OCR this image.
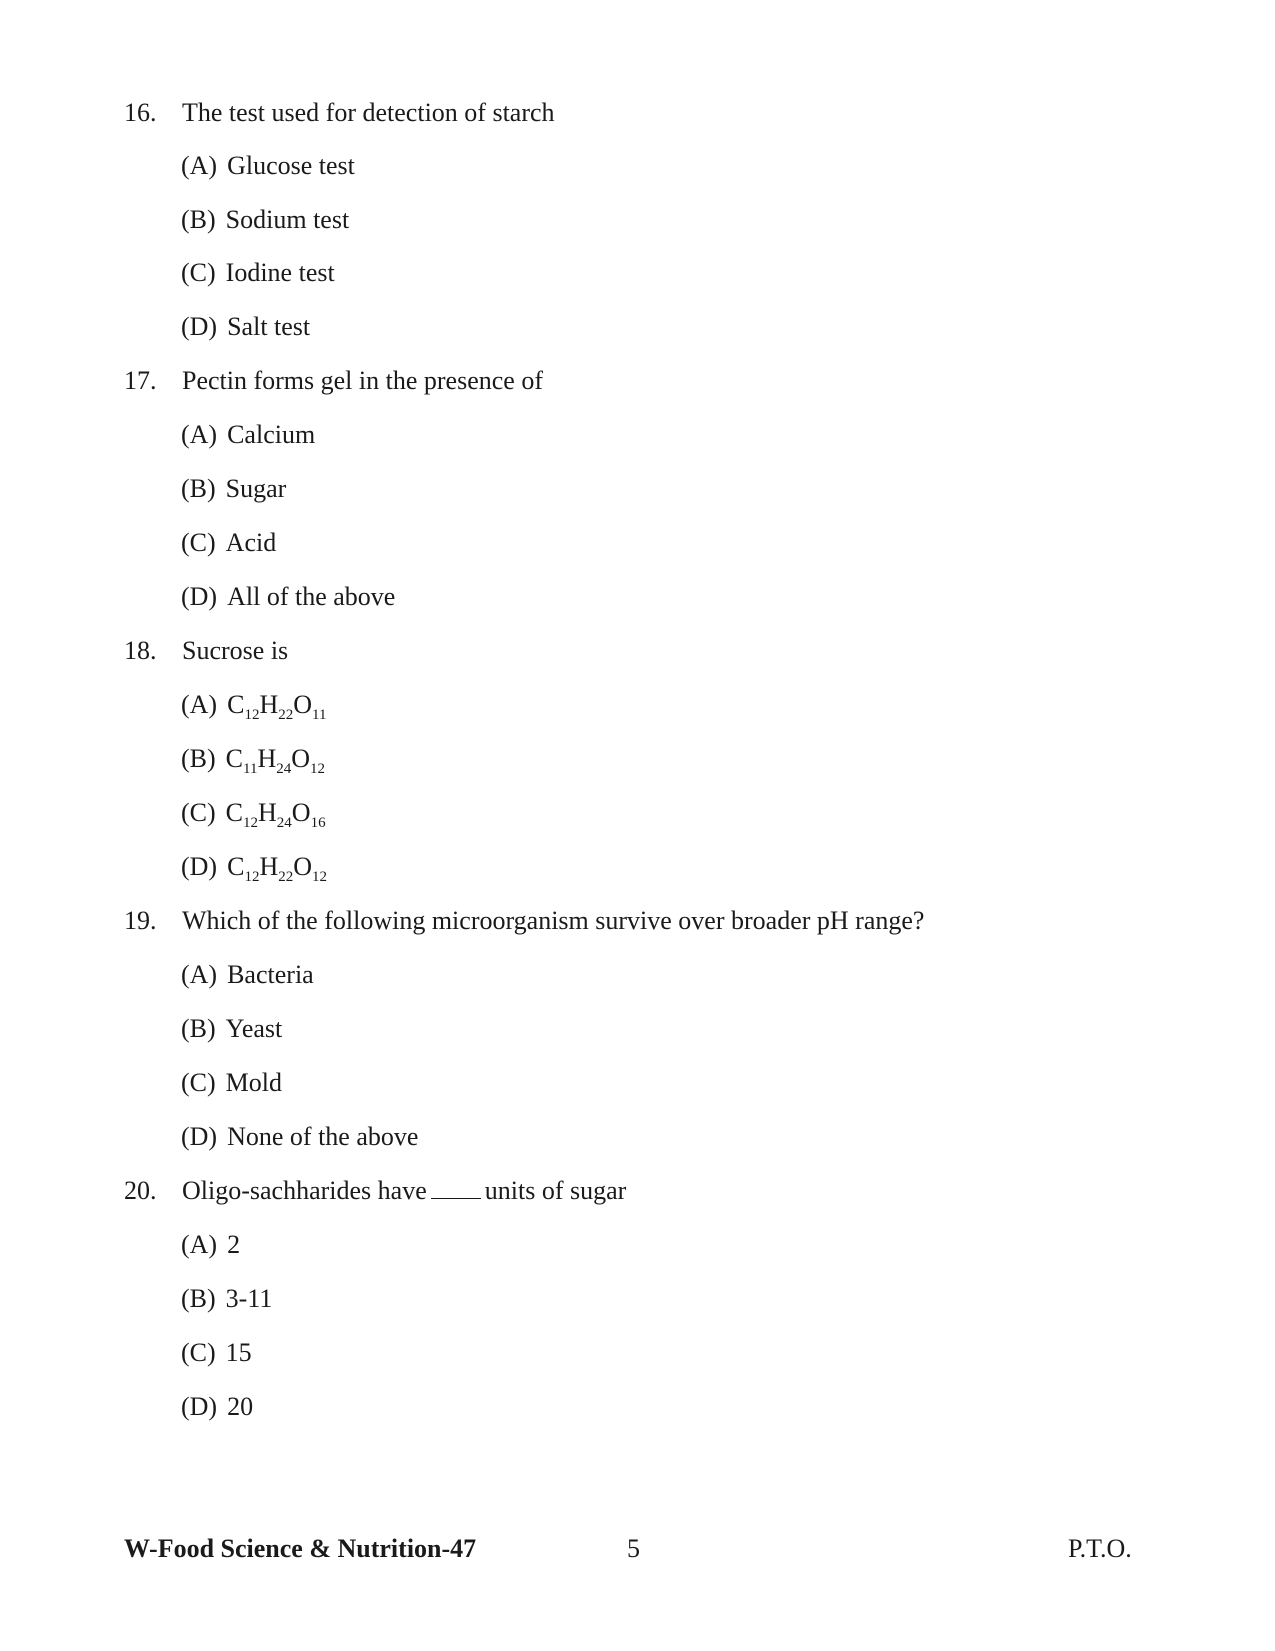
16. The test used for detection of starch
(A) Glucose test
(B) Sodium test
(C) Iodine test
(D) Salt test
17. Pectin forms gel in the presence of
(A) Calcium
(B) Sugar
(C) Acid
(D) All of the above
18. Sucrose is
(A) $C_{12}H_{22}O_{11}$
(B) $C_{11}H_{24}O_{12}$
(C) $C_{12}H_{24}O_{16}$
(D) $C_{12}H_{22}O_{12}$
19. Which of the following microorganism survive over broader pH range?
(A) Bacteria
(B) Yeast
(C) Mold
(D) None of the above
20. Oligo-sachharides have units of sugar
(A) 2
(B) 3-11
(C) 15
(D) 20
W-Food Science & Nutrition-47	5	P.T.O.
